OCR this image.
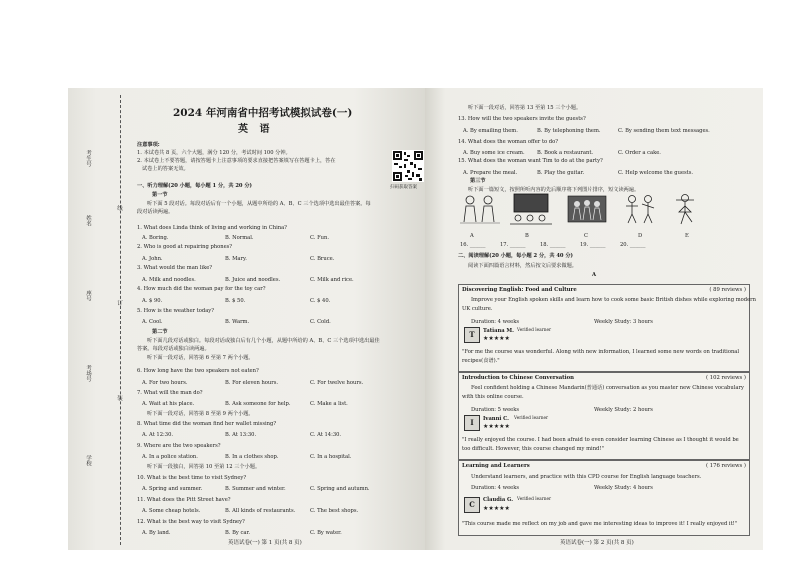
考生号
姓名
座号
考场号
学校
线
订
装
2024 年河南省中招考试模拟试卷(一)
英 语
注意事项:
1. 本试卷共 8 页，六个大题，满分 120 分，考试时间 100 分钟。
2. 本试卷上不要答题，请按答题卡上注意事项的要求直接把答案填写在答题卡上，答在
试卷上的答案无效。
扫码获取答案
一、听力理解(20 小题，每小题 1 分，共 20 分)
第一节
听下面 5 段对话。每段对话后有一个小题，从题中所给的 A、B、C 三个选项中选出最佳答案。每
段对话读两遍。
1. What does Linda think of living and working in China?
A. Boring.	B. Normal.	C. Fun.
2. Who is good at repairing phones?
A. John.	B. Mary.	C. Bruce.
3. What would the man like?
A. Milk and noodles.	B. Juice and noodles.	C. Milk and rice.
4. How much did the woman pay for the toy car?
A. $ 90.	B. $ 50.	C. $ 40.
5. How is the weather today?
A. Cool.	B. Warm.	C. Cold.
第二节
听下面几段对话或独白。每段对话或独白后有几个小题，从题中所给的 A、B、C 三个选项中选出最佳
答案。每段对话或独白读两遍。
听下面一段对话，回答第 6 至第 7 两个小题。
6. How long have the two speakers not eaten?
A. For two hours.	B. For eleven hours.	C. For twelve hours.
7. What will the man do?
A. Wait at his place.	B. Ask someone for help.	C. Make a list.
听下面一段对话，回答第 8 至第 9 两个小题。
8. What time did the woman find her wallet missing?
A. At 12:30.	B. At 13:30.	C. At 14:30.
9. Where are the two speakers?
A. In a police station.	B. In a clothes shop.	C. In a hospital.
听下面一段独白，回答第 10 至第 12 三个小题。
10. What is the best time to visit Sydney?
A. Spring and summer.	B. Summer and winter.	C. Spring and autumn.
11. What does the Pitt Street have?
A. Some cheap hotels.	B. All kinds of restaurants.	C. The best shops.
12. What is the best way to visit Sydney?
A. By land.	B. By car.	C. By water.
英语试卷(一) 第 1 页(共 8 页)
听下面一段对话，回答第 13 至第 15 三个小题。
13. How will the two speakers invite the guests?
A. By emailing them.	B. By telephoning them.	C. By sending them text messages.
14. What does the woman offer to do?
A. Buy some ice cream. B. Book a restaurant.	C. Order a cake.
15. What does the woman want Tim to do at the party?
A. Prepare the meal.	B. Play the guitar.	C. Help welcome the guests.
第三节
听下面一篇短文，按照所听内容的先后顺序将下列图片排序，短文读两遍。
A	B	C	D	E
16. ______	17. ______	18. ______	19. ______	20. ______
二、阅读理解(20 小题，每小题 2 分，共 40 分)
阅读下面四篇语言材料，然后按文后要求做题。
A
Discovering English: Food and Culture	( 89 reviews )
Improve your English spoken skills and learn how to cook some basic British dishes while exploring modern
UK culture.
Duration: 4 weeks	Weekly Study: 3 hours
T	Tatiana M. Verified learner
★★★★★
"For me the course was wonderful. Along with new information, I learned some new words on traditional
recipes(食谱)."
Introduction to Chinese Conversation	( 102 reviews )
Feel confident holding a Chinese Mandarin(普通话) conversation as you master new Chinese vocabulary
with this online course.
Duration: 5 weeks	Weekly Study: 2 hours
I	Ivanni C. Verified learner
★★★★★
"I really enjoyed the course. I had been afraid to even consider learning Chinese as I thought it would be
too difficult. However, this course changed my mind!"
Learning and Learners	( 176 reviews )
Understand learners, and practice with this CPD course for English language teachers.
Duration: 4 weeks	Weekly Study: 4 hours
C	Claudia G. Verified learner
★★★★★
"This course made me reflect on my job and gave me interesting ideas to improve it! I really enjoyed it!"
英语试卷(一) 第 2 页(共 8 页)
